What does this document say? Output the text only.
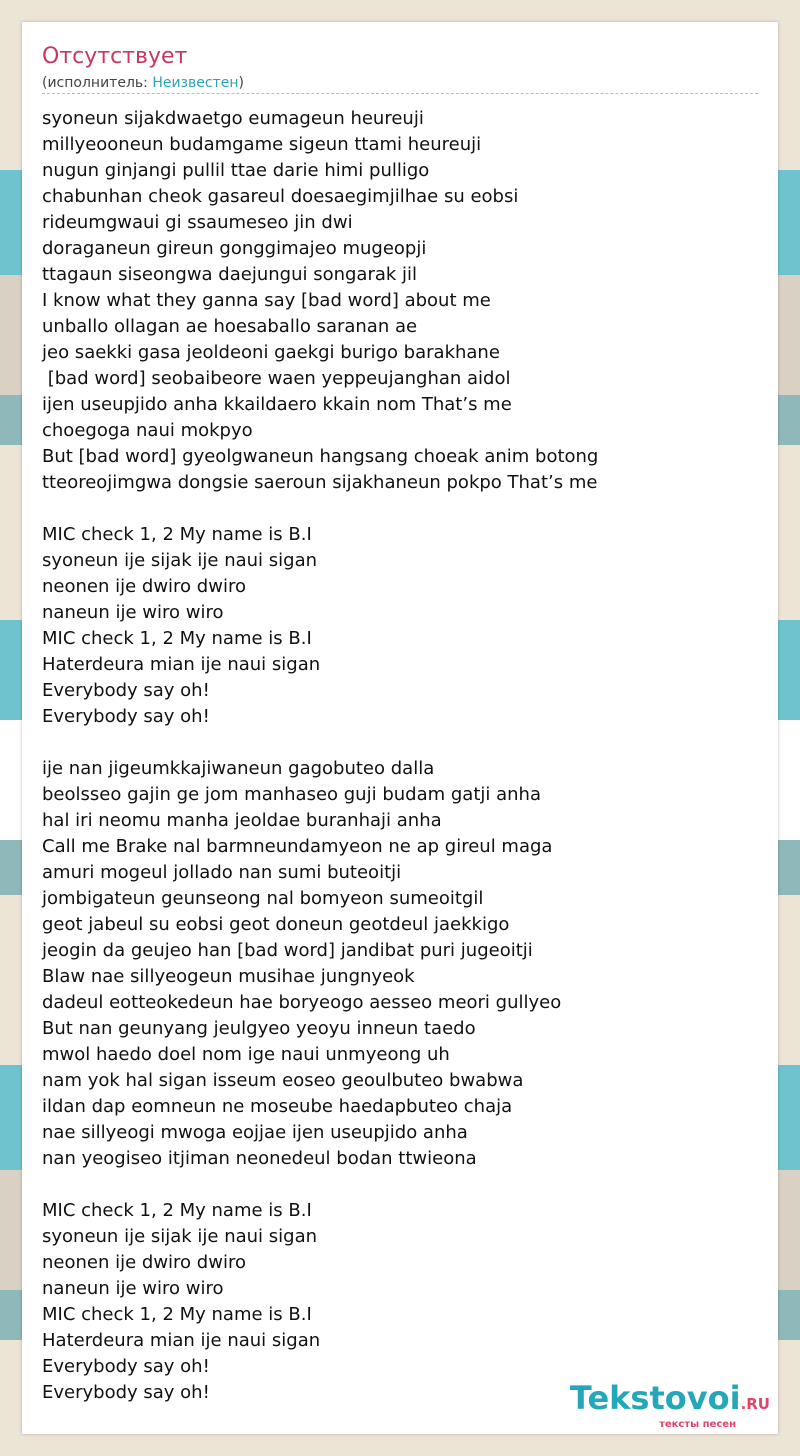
Отсутствует
(исполнитель: Неизвестен)
syoneun sijakdwaetgo eumageun heureuji
millyeooneun budamgame sigeun ttami heureuji
nugun ginjangi pullil ttae darie himi pulligo
chabunhan cheok gasareul doesaegimjilhae su eobsi
rideumgwaui gi ssaumeseo jin dwi
doraganeun gireun gonggimajeo mugeopji
ttagaun siseongwa daejungui songarak jil
I know what they ganna say [bad word] about me
unballo ollagan ae hoesaballo saranan ae
jeo saekki gasa jeoldeoni gaekgi burigo barakhane
[bad word] seobaibeore waen yeppeujanghan aidol
ijen useupjido anha kkaildaero kkain nom That’s me
choegoga naui mokpyo
But [bad word] gyeolgwaneun hangsang choeak anim botong
tteoreojimgwa dongsie saeroun sijakhaneun pokpo That’s me
MIC check 1, 2 My name is B.I
syoneun ije sijak ije naui sigan
neonen ije dwiro dwiro
naneun ije wiro wiro
MIC check 1, 2 My name is B.I
Haterdeura mian ije naui sigan
Everybody say oh!
Everybody say oh!
ije nan jigeumkkajiwaneun gagobuteo dalla
beolsseo gajin ge jom manhaseo guji budam gatji anha
hal iri neomu manha jeoldae buranhaji anha
Call me Brake nal barmneundamyeon ne ap gireul maga
amuri mogeul jollado nan sumi buteoitji
jombigateun geunseong nal bomyeon sumeoitgil
geot jabeul su eobsi geot doneun geotdeul jaekkigo
jeogin da geujeo han [bad word] jandibat puri jugeoitji
Blaw nae sillyeogeun musihae jungnyeok
dadeul eotteokedeun hae boryeogo aesseo meori gullyeo
But nan geunyang jeulgyeo yeoyu inneun taedo
mwol haedo doel nom ige naui unmyeong uh
nam yok hal sigan isseum eoseo geoulbuteo bwabwa
ildan dap eomneun ne moseube haedapbuteo chaja
nae sillyeogi mwoga eojjae ijen useupjido anha
nan yeogiseo itjiman neonedeul bodan ttwieona
MIC check 1, 2 My name is B.I
syoneun ije sijak ije naui sigan
neonen ije dwiro dwiro
naneun ije wiro wiro
MIC check 1, 2 My name is B.I
Haterdeura mian ije naui sigan
Everybody say oh!
Everybody say oh!	Tekstovoi.RU
тексты песен
